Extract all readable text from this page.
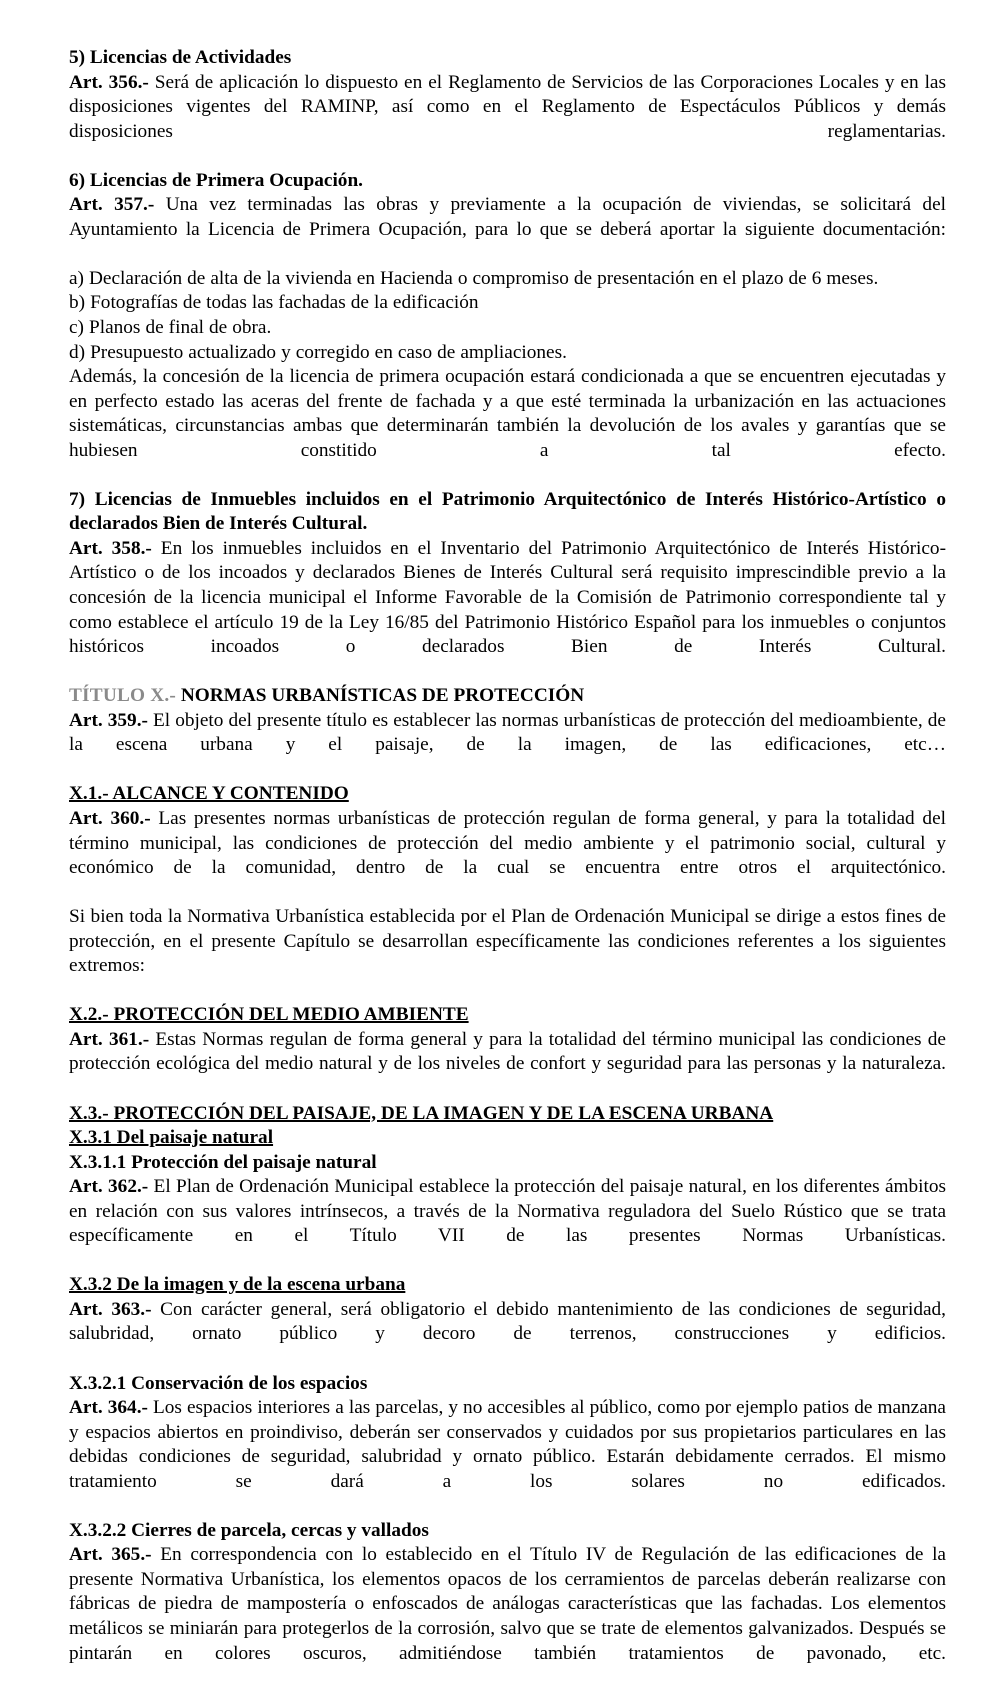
5) Licencias de Actividades

Art. 356.- Será de aplicación lo dispuesto en el Reglamento de Servicios de las Corporaciones Locales y en las disposiciones vigentes del RAMINP, así como en el Reglamento de Espectáculos Públicos y demás disposiciones reglamentarias.

6) Licencias de Primera Ocupación.

Art. 357.- Una vez terminadas las obras y previamente a la ocupación de viviendas, se solicitará del Ayuntamiento la Licencia de Primera Ocupación, para lo que se deberá aportar la siguiente documentación:

a) Declaración de alta de la vivienda en Hacienda o compromiso de presentación en el plazo de 6 meses.

b) Fotografías de todas las fachadas de la edificación

c) Planos de final de obra.

d) Presupuesto actualizado y corregido en caso de ampliaciones.

Además, la concesión de la licencia de primera ocupación estará condicionada a que se encuentren ejecutadas y en perfecto estado las aceras del frente de fachada y a que esté terminada la urbanización en las actuaciones sistemáticas, circunstancias ambas que determinarán también la devolución de los avales y garantías que se hubiesen constitido a tal efecto.

7) Licencias de Inmuebles incluidos en el Patrimonio Arquitectónico de Interés Histórico-Artístico o declarados Bien de Interés Cultural.

Art. 358.- En los inmuebles incluidos en el Inventario del Patrimonio Arquitectónico de Interés Histórico-Artístico o de los incoados y declarados Bienes de Interés Cultural será requisito imprescindible previo a la concesión de la licencia municipal el Informe Favorable de la Comisión de Patrimonio correspondiente tal y como establece el artículo 19 de la Ley 16/85 del Patrimonio Histórico Español para los inmuebles o conjuntos históricos incoados o declarados Bien de Interés Cultural.

TÍTULO X.- NORMAS URBANÍSTICAS DE PROTECCIÓN

Art. 359.- El objeto del presente título es establecer las normas urbanísticas de protección del medioambiente, de la escena urbana y el paisaje, de la imagen, de las edificaciones, etc…

X.1.- ALCANCE Y CONTENIDO

Art. 360.- Las presentes normas urbanísticas de protección regulan de forma general, y para la totalidad del término municipal, las condiciones de protección del medio ambiente y el patrimonio social, cultural y económico de la comunidad, dentro de la cual se encuentra entre otros el arquitectónico.

Si bien toda la Normativa Urbanística establecida por el Plan de Ordenación Municipal se dirige a estos fines de protección, en el presente Capítulo se desarrollan específicamente las condiciones referentes a los siguientes extremos:

X.2.- PROTECCIÓN DEL MEDIO AMBIENTE

Art. 361.- Estas Normas regulan de forma general y para la totalidad del término municipal las condiciones de protección ecológica del medio natural y de los niveles de confort y seguridad para las personas y la naturaleza.

X.3.- PROTECCIÓN DEL PAISAJE, DE LA IMAGEN Y DE LA ESCENA URBANA
X.3.1 Del paisaje natural
X.3.1.1 Protección del paisaje natural

Art. 362.- El Plan de Ordenación Municipal establece la protección del paisaje natural, en los diferentes ámbitos en relación con sus valores intrínsecos, a través de la Normativa reguladora del Suelo Rústico que se trata específicamente en el Título VII de las presentes Normas Urbanísticas.

X.3.2 De la imagen y de la escena urbana

Art. 363.- Con carácter general, será obligatorio el debido mantenimiento de las condiciones de seguridad, salubridad, ornato público y decoro de terrenos, construcciones y edificios.

X.3.2.1 Conservación de los espacios

Art. 364.- Los espacios interiores a las parcelas, y no accesibles al público, como por ejemplo patios de manzana y espacios abiertos en proindiviso, deberán ser conservados y cuidados por sus propietarios particulares en las debidas condiciones de seguridad, salubridad y ornato público. Estarán debidamente cerrados. El mismo tratamiento se dará a los solares no edificados.

X.3.2.2 Cierres de parcela, cercas y vallados

Art. 365.- En correspondencia con lo establecido en el Título IV de Regulación de las edificaciones de la presente Normativa Urbanística, los elementos opacos de los cerramientos de parcelas deberán realizarse con fábricas de piedra de mampostería o enfoscados de análogas características que las fachadas. Los elementos metálicos se miniarán para protegerlos de la corrosión, salvo que se trate de elementos galvanizados. Después se pintarán en colores oscuros, admitiéndose también tratamientos de pavonado, etc.
